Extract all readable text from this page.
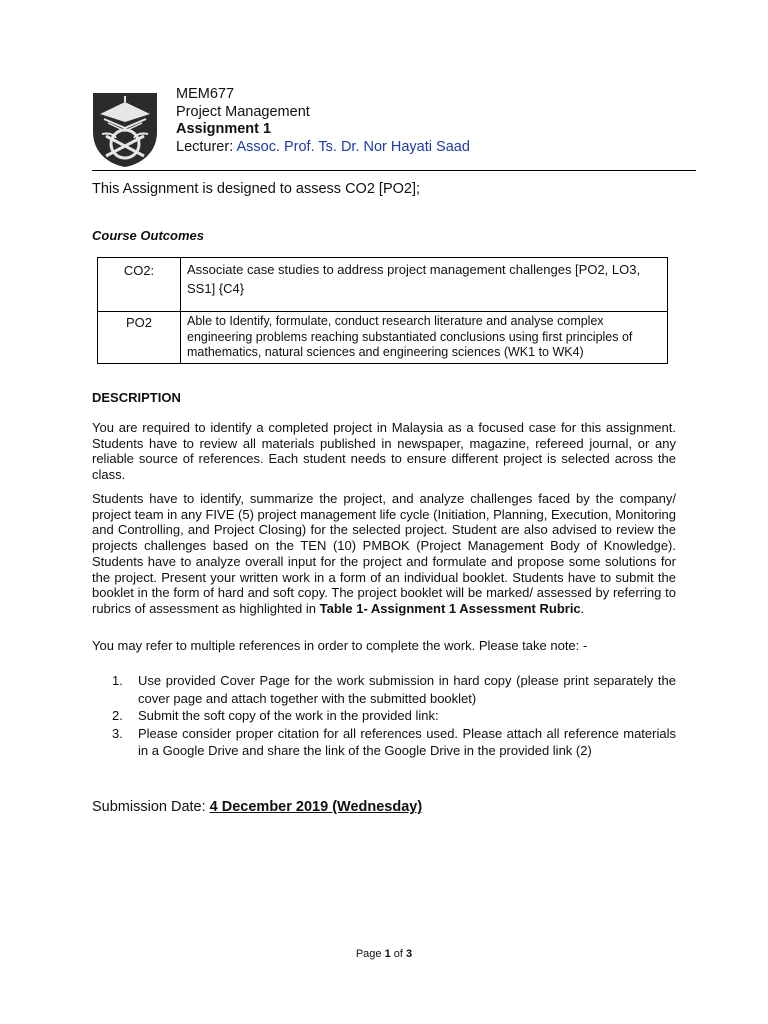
MEM677
Project Management
Assignment 1
Lecturer: Assoc. Prof. Ts. Dr. Nor Hayati Saad
This Assignment is designed to assess CO2 [PO2];
Course Outcomes
CO2:	Associate case studies to address project management challenges [PO2, LO3, SS1] {C4}
PO2	Able to Identify, formulate, conduct research literature and analyse complex engineering problems reaching substantiated conclusions using first principles of mathematics, natural sciences and engineering sciences (WK1 to WK4)
DESCRIPTION
You are required to identify a completed project in Malaysia as a focused case for this assignment. Students have to review all materials published in newspaper, magazine, refereed journal, or any reliable source of references. Each student needs to ensure different project is selected across the class.
Students have to identify, summarize the project, and analyze challenges faced by the company/ project team in any FIVE (5) project management life cycle (Initiation, Planning, Execution, Monitoring and Controlling, and Project Closing) for the selected project. Student are also advised to review the projects challenges based on the TEN (10) PMBOK (Project Management Body of Knowledge). Students have to analyze overall input for the project and formulate and propose some solutions for the project. Present your written work in a form of an individual booklet. Students have to submit the booklet in the form of hard and soft copy. The project booklet will be marked/ assessed by referring to rubrics of assessment as highlighted in Table 1- Assignment 1 Assessment Rubric.
You may refer to multiple references in order to complete the work. Please take note: -
1. Use provided Cover Page for the work submission in hard copy (please print separately the cover page and attach together with the submitted booklet)
2. Submit the soft copy of the work in the provided link:
3. Please consider proper citation for all references used. Please attach all reference materials in a Google Drive and share the link of the Google Drive in the provided link (2)
Submission Date: 4 December 2019 (Wednesday)
Page 1 of 3
